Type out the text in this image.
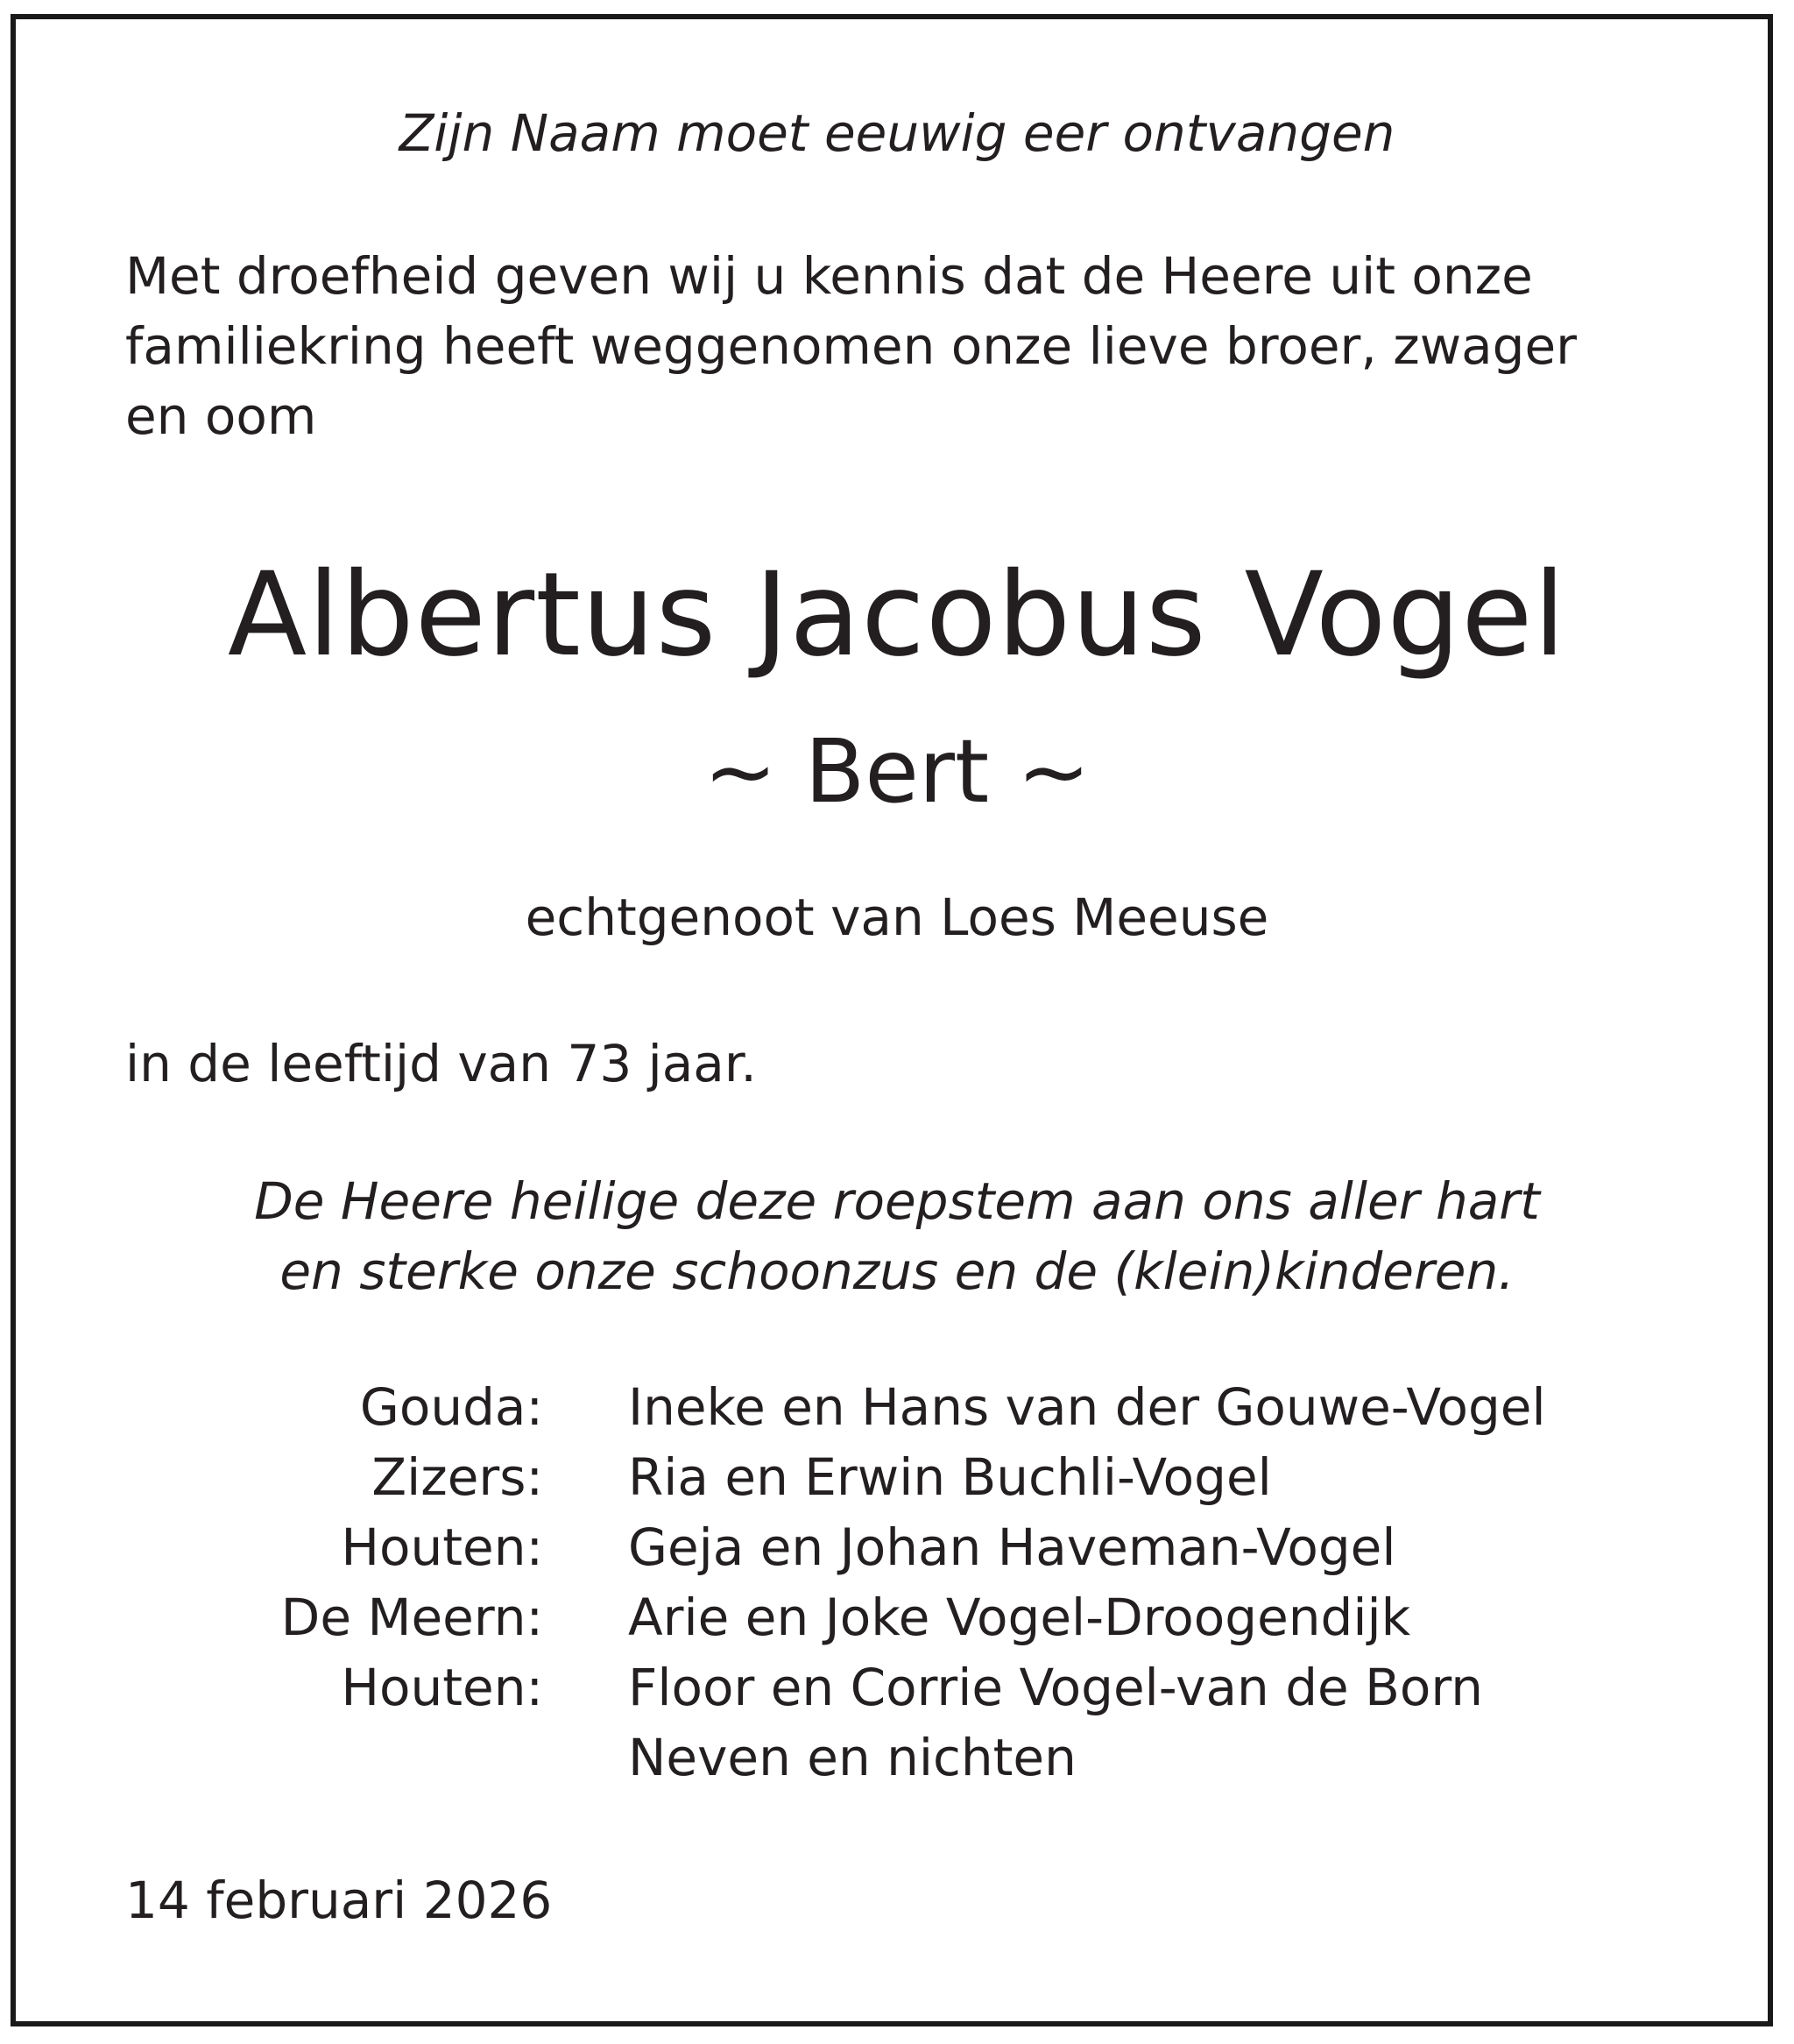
Zijn Naam moet eeuwig eer ontvangen

Met droefheid geven wij u kennis dat de Heere uit onze

familiekring heeft weggenomen onze lieve broer, zwager

en oom

Albertus Jacobus Vogel

~ Bert ~

echtgenoot van Loes Meeuse

in de leeftijd van 73 jaar.

De Heere heilige deze roepstem aan ons aller hart

en sterke onze schoonzus en de (klein)kinderen.

Gouda: Ineke en Hans van der Gouwe-Vogel
Zizers: Ria en Erwin Buchli-Vogel
Houten: Geja en Johan Haveman-Vogel
De Meern: Arie en Joke Vogel-Droogendijk
Houten: Floor en Corrie Vogel-van de Born
Neven en nichten

14 februari 2026
